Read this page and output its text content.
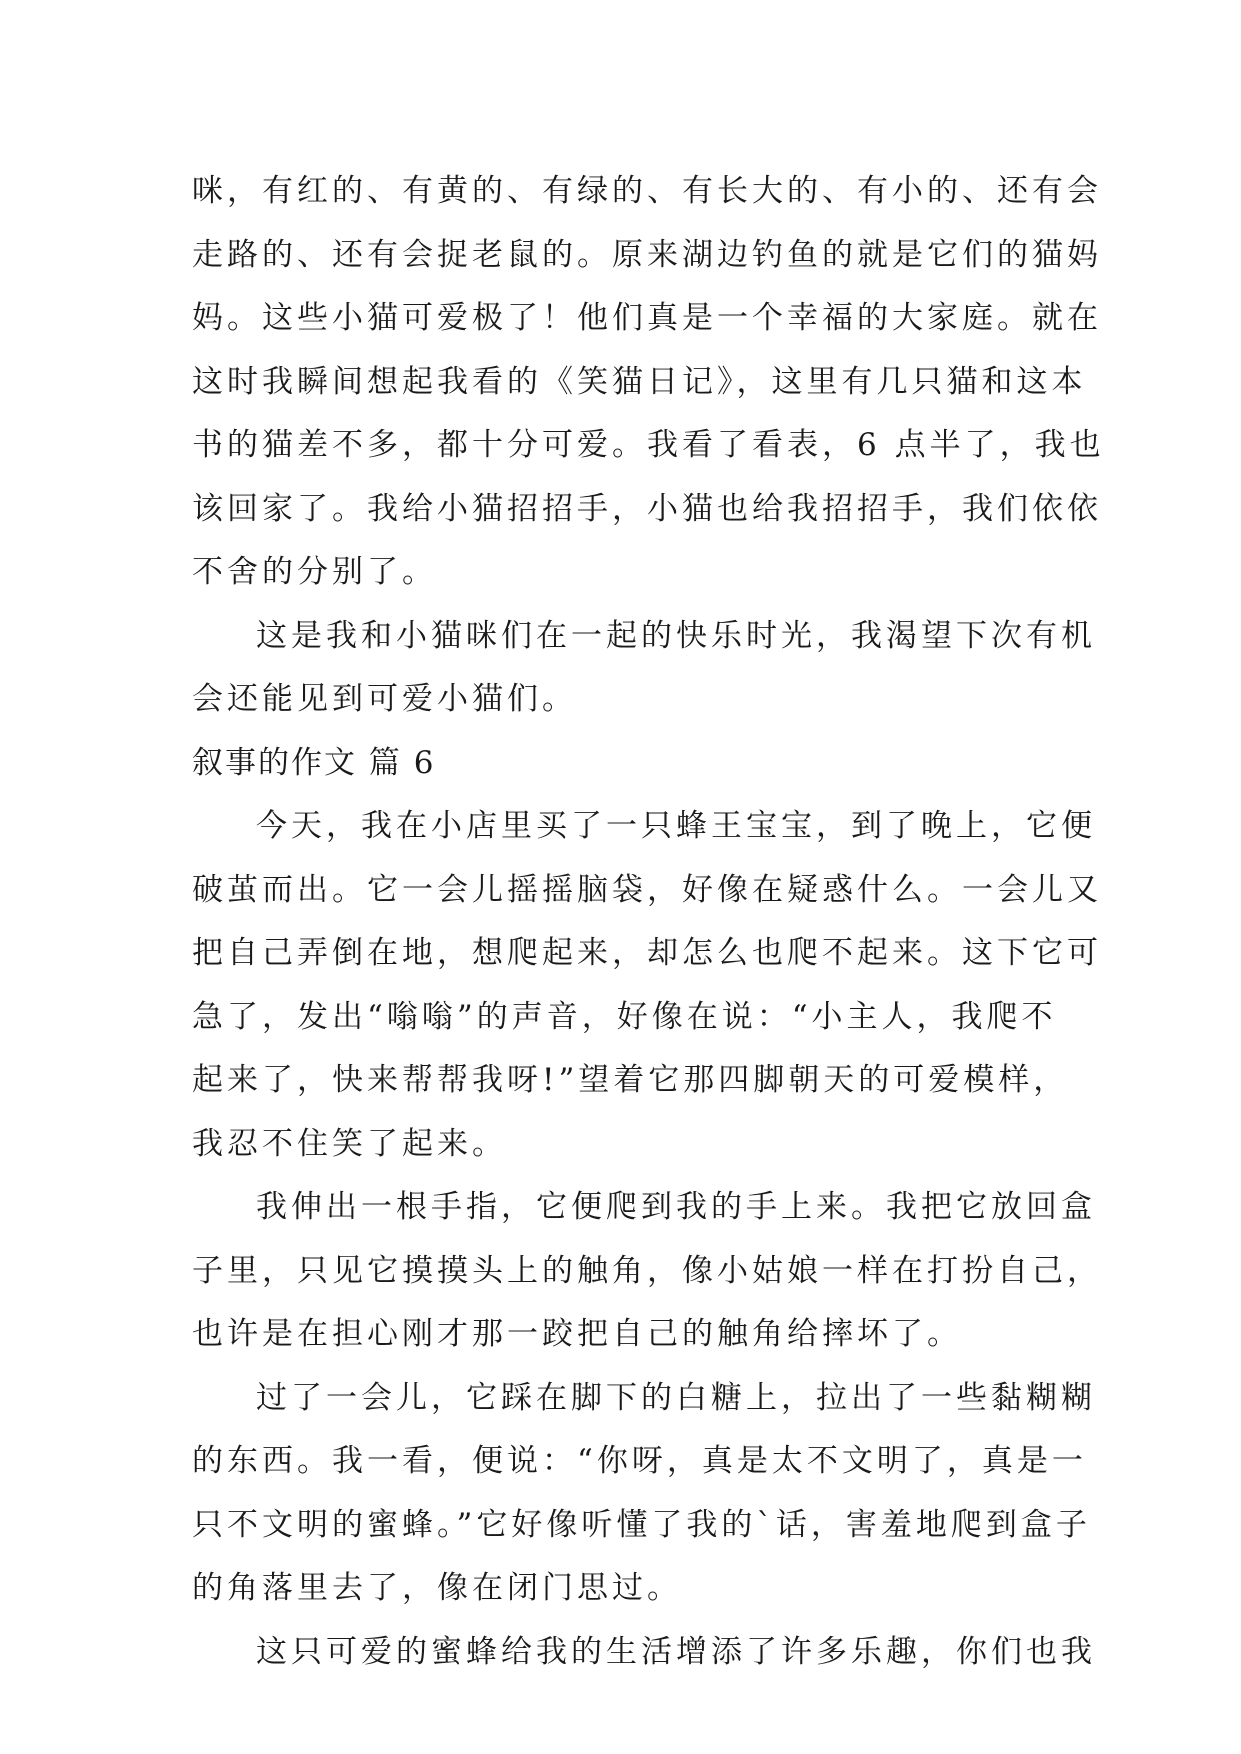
咪，有红的、有黄的、有绿的、有长大的、有小的、还有会
走路的、还有会捉老鼠的。原来湖边钓鱼的就是它们的猫妈
妈。这些小猫可爱极了！他们真是一个幸福的大家庭。就在
这时我瞬间想起我看的《笑猫日记》，这里有几只猫和这本
书的猫差不多，都十分可爱。我看了看表，6 点半了，我也
该回家了。我给小猫招招手，小猫也给我招招手，我们依依
不舍的分别了。
这是我和小猫咪们在一起的快乐时光，我渴望下次有机
会还能见到可爱小猫们。
叙事的作文 篇 6
今天，我在小店里买了一只蜂王宝宝，到了晚上，它便
破茧而出。它一会儿摇摇脑袋，好像在疑惑什么。一会儿又
把自己弄倒在地，想爬起来，却怎么也爬不起来。这下它可
急了，发出“嗡嗡”的声音，好像在说：“小主人，我爬不
起来了，快来帮帮我呀!”望着它那四脚朝天的可爱模样，
我忍不住笑了起来。
我伸出一根手指，它便爬到我的手上来。我把它放回盒
子里，只见它摸摸头上的触角，像小姑娘一样在打扮自己，
也许是在担心刚才那一跤把自己的触角给摔坏了。
过了一会儿，它踩在脚下的白糖上，拉出了一些黏糊糊
的东西。我一看，便说：“你呀，真是太不文明了，真是一
只不文明的蜜蜂。”它好像听懂了我的`话，害羞地爬到盒子
的角落里去了，像在闭门思过。
这只可爱的蜜蜂给我的生活增添了许多乐趣，你们也我
